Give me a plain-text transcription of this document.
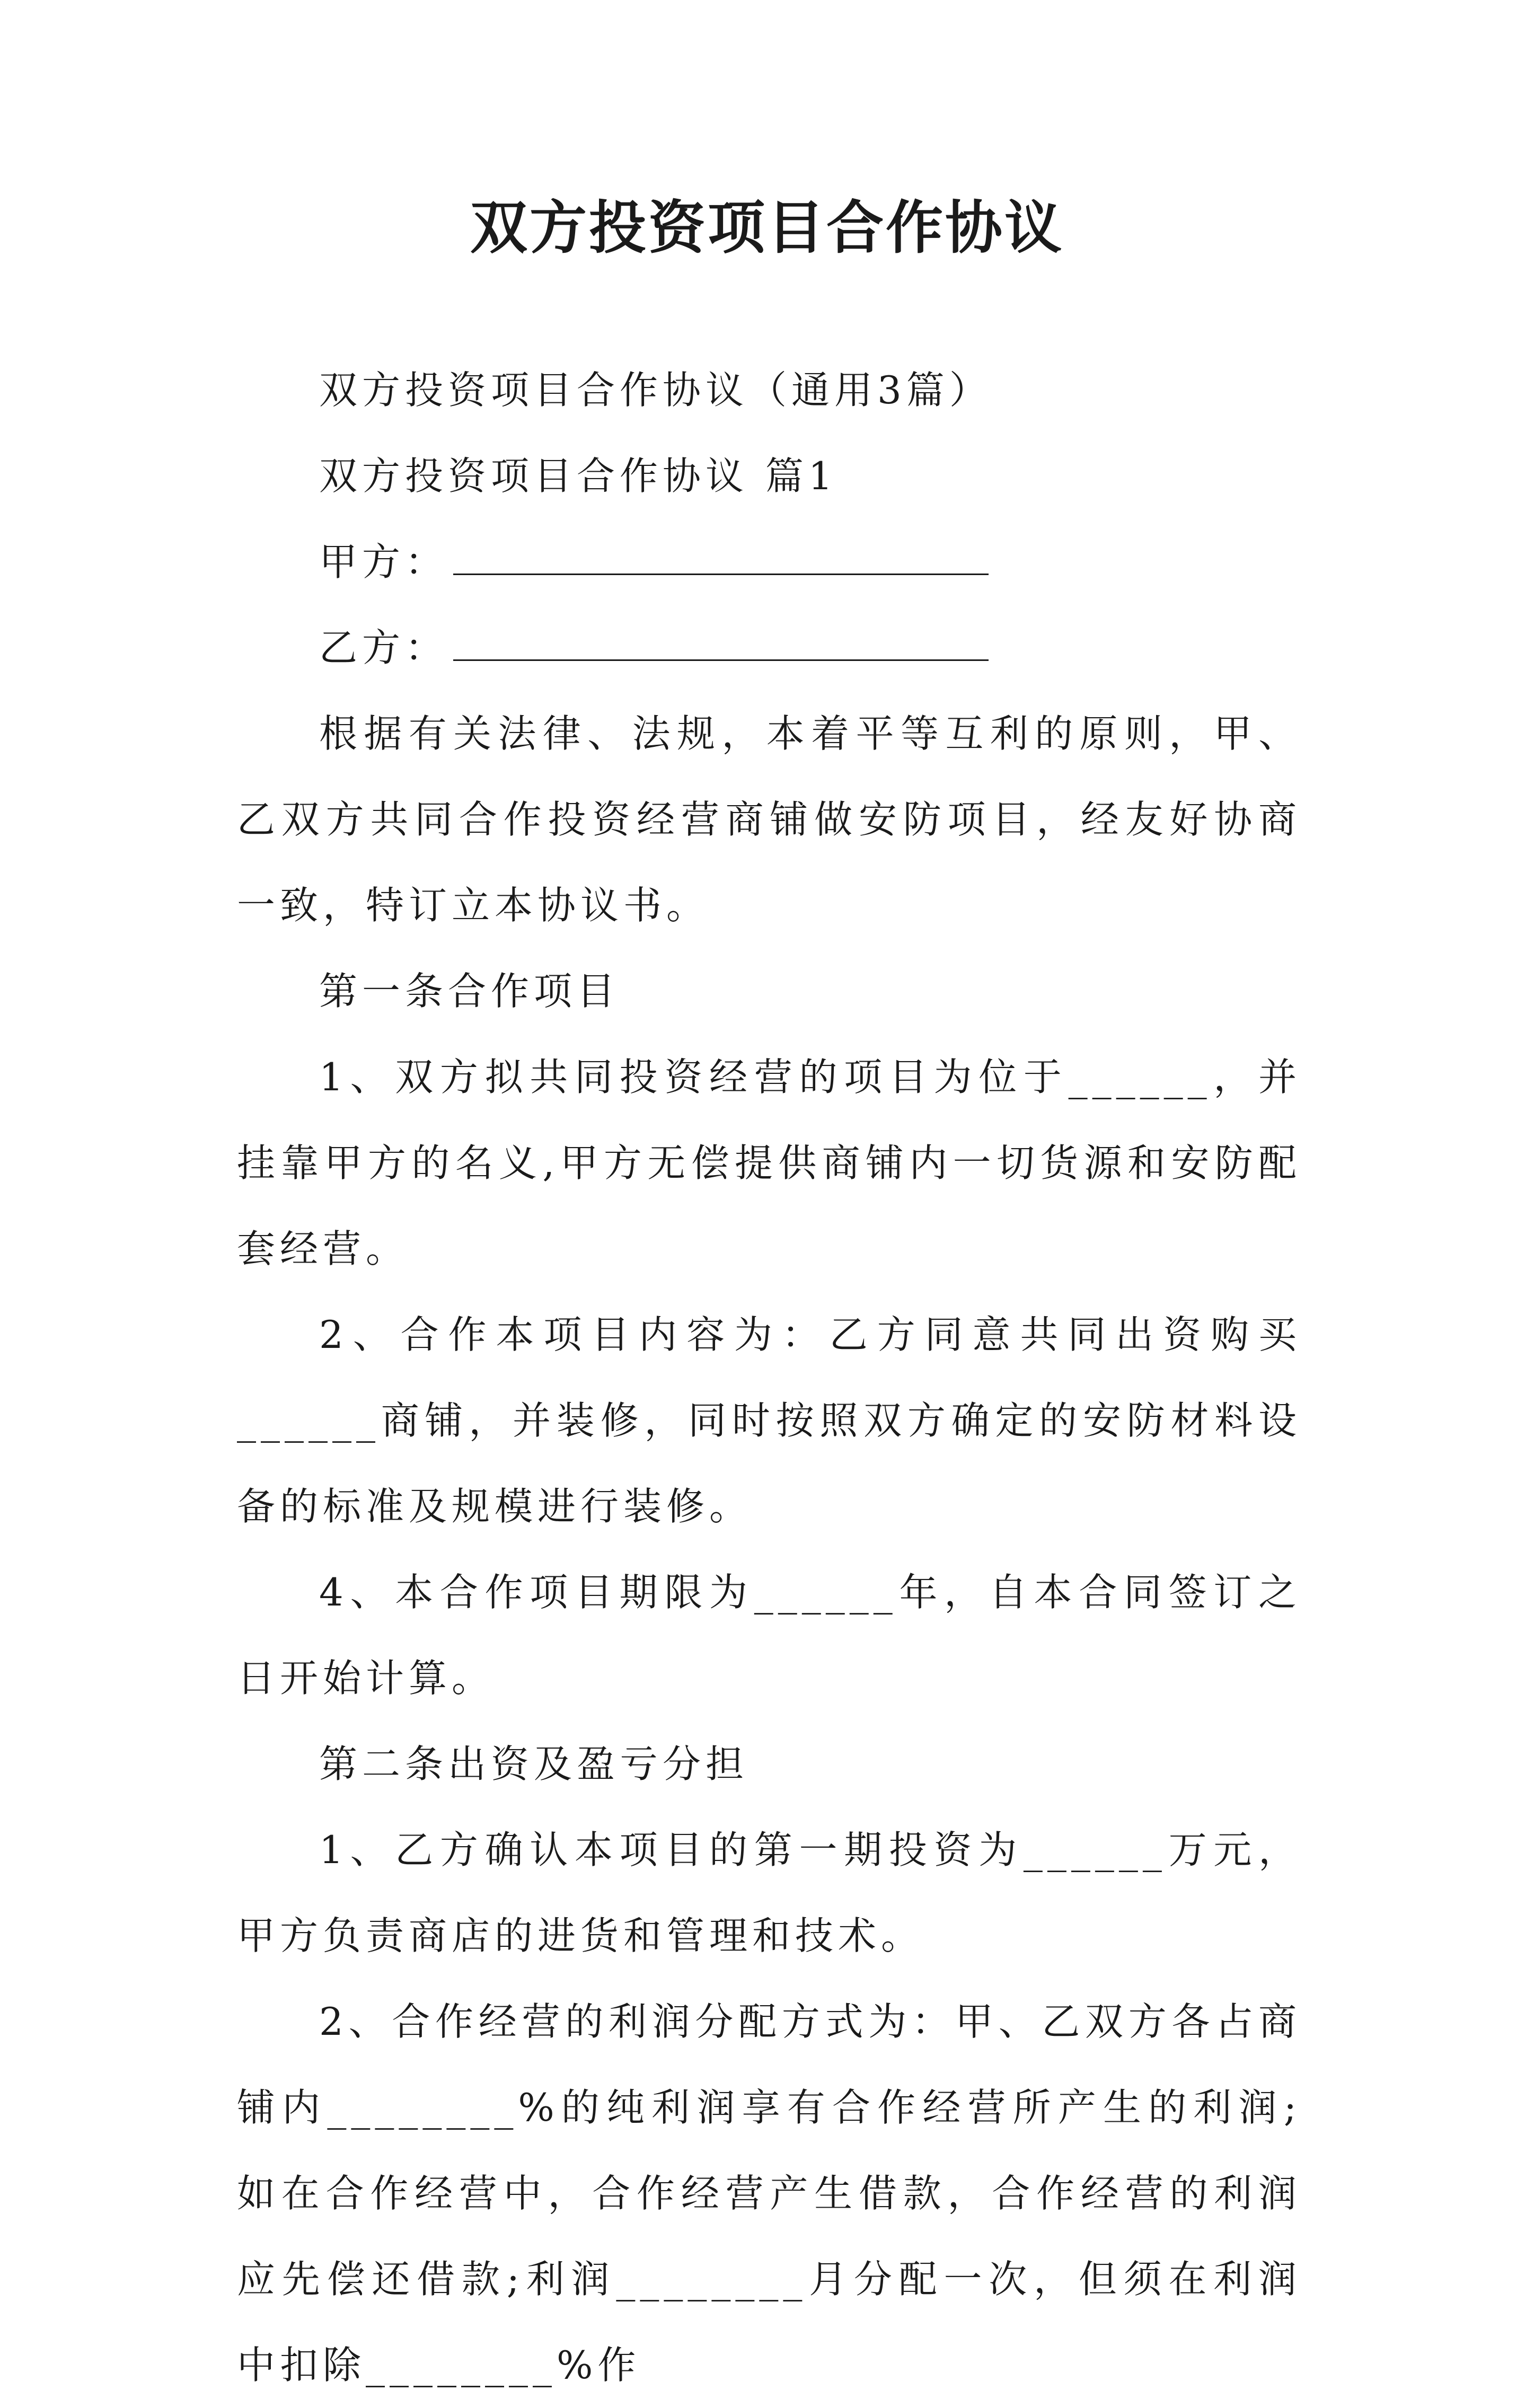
双方投资项目合作协议

双方投资项目合作协议（通用3篇）

双方投资项目合作协议 篇1

甲方：

乙方：

根据有关法律、法规，本着平等互利的原则，甲、乙双方共同合作投资经营商铺做安防项目，经友好协商一致，特订立本协议书。

第一条合作项目

1、双方拟共同投资经营的项目为位于______，并挂靠甲方的名义,甲方无偿提供商铺内一切货源和安防配套经营。

2、合作本项目内容为：乙方同意共同出资购买______商铺，并装修，同时按照双方确定的安防材料设备的标准及规模进行装修。

4、本合作项目期限为______年，自本合同签订之日开始计算。

第二条出资及盈亏分担

1、乙方确认本项目的第一期投资为______万元，甲方负责商店的进货和管理和技术。

2、合作经营的利润分配方式为：甲、乙双方各占商铺内________%的纯利润享有合作经营所产生的利润;如在合作经营中，合作经营产生借款，合作经营的利润应先偿还借款;利润________月分配一次，但须在利润中扣除________%作
